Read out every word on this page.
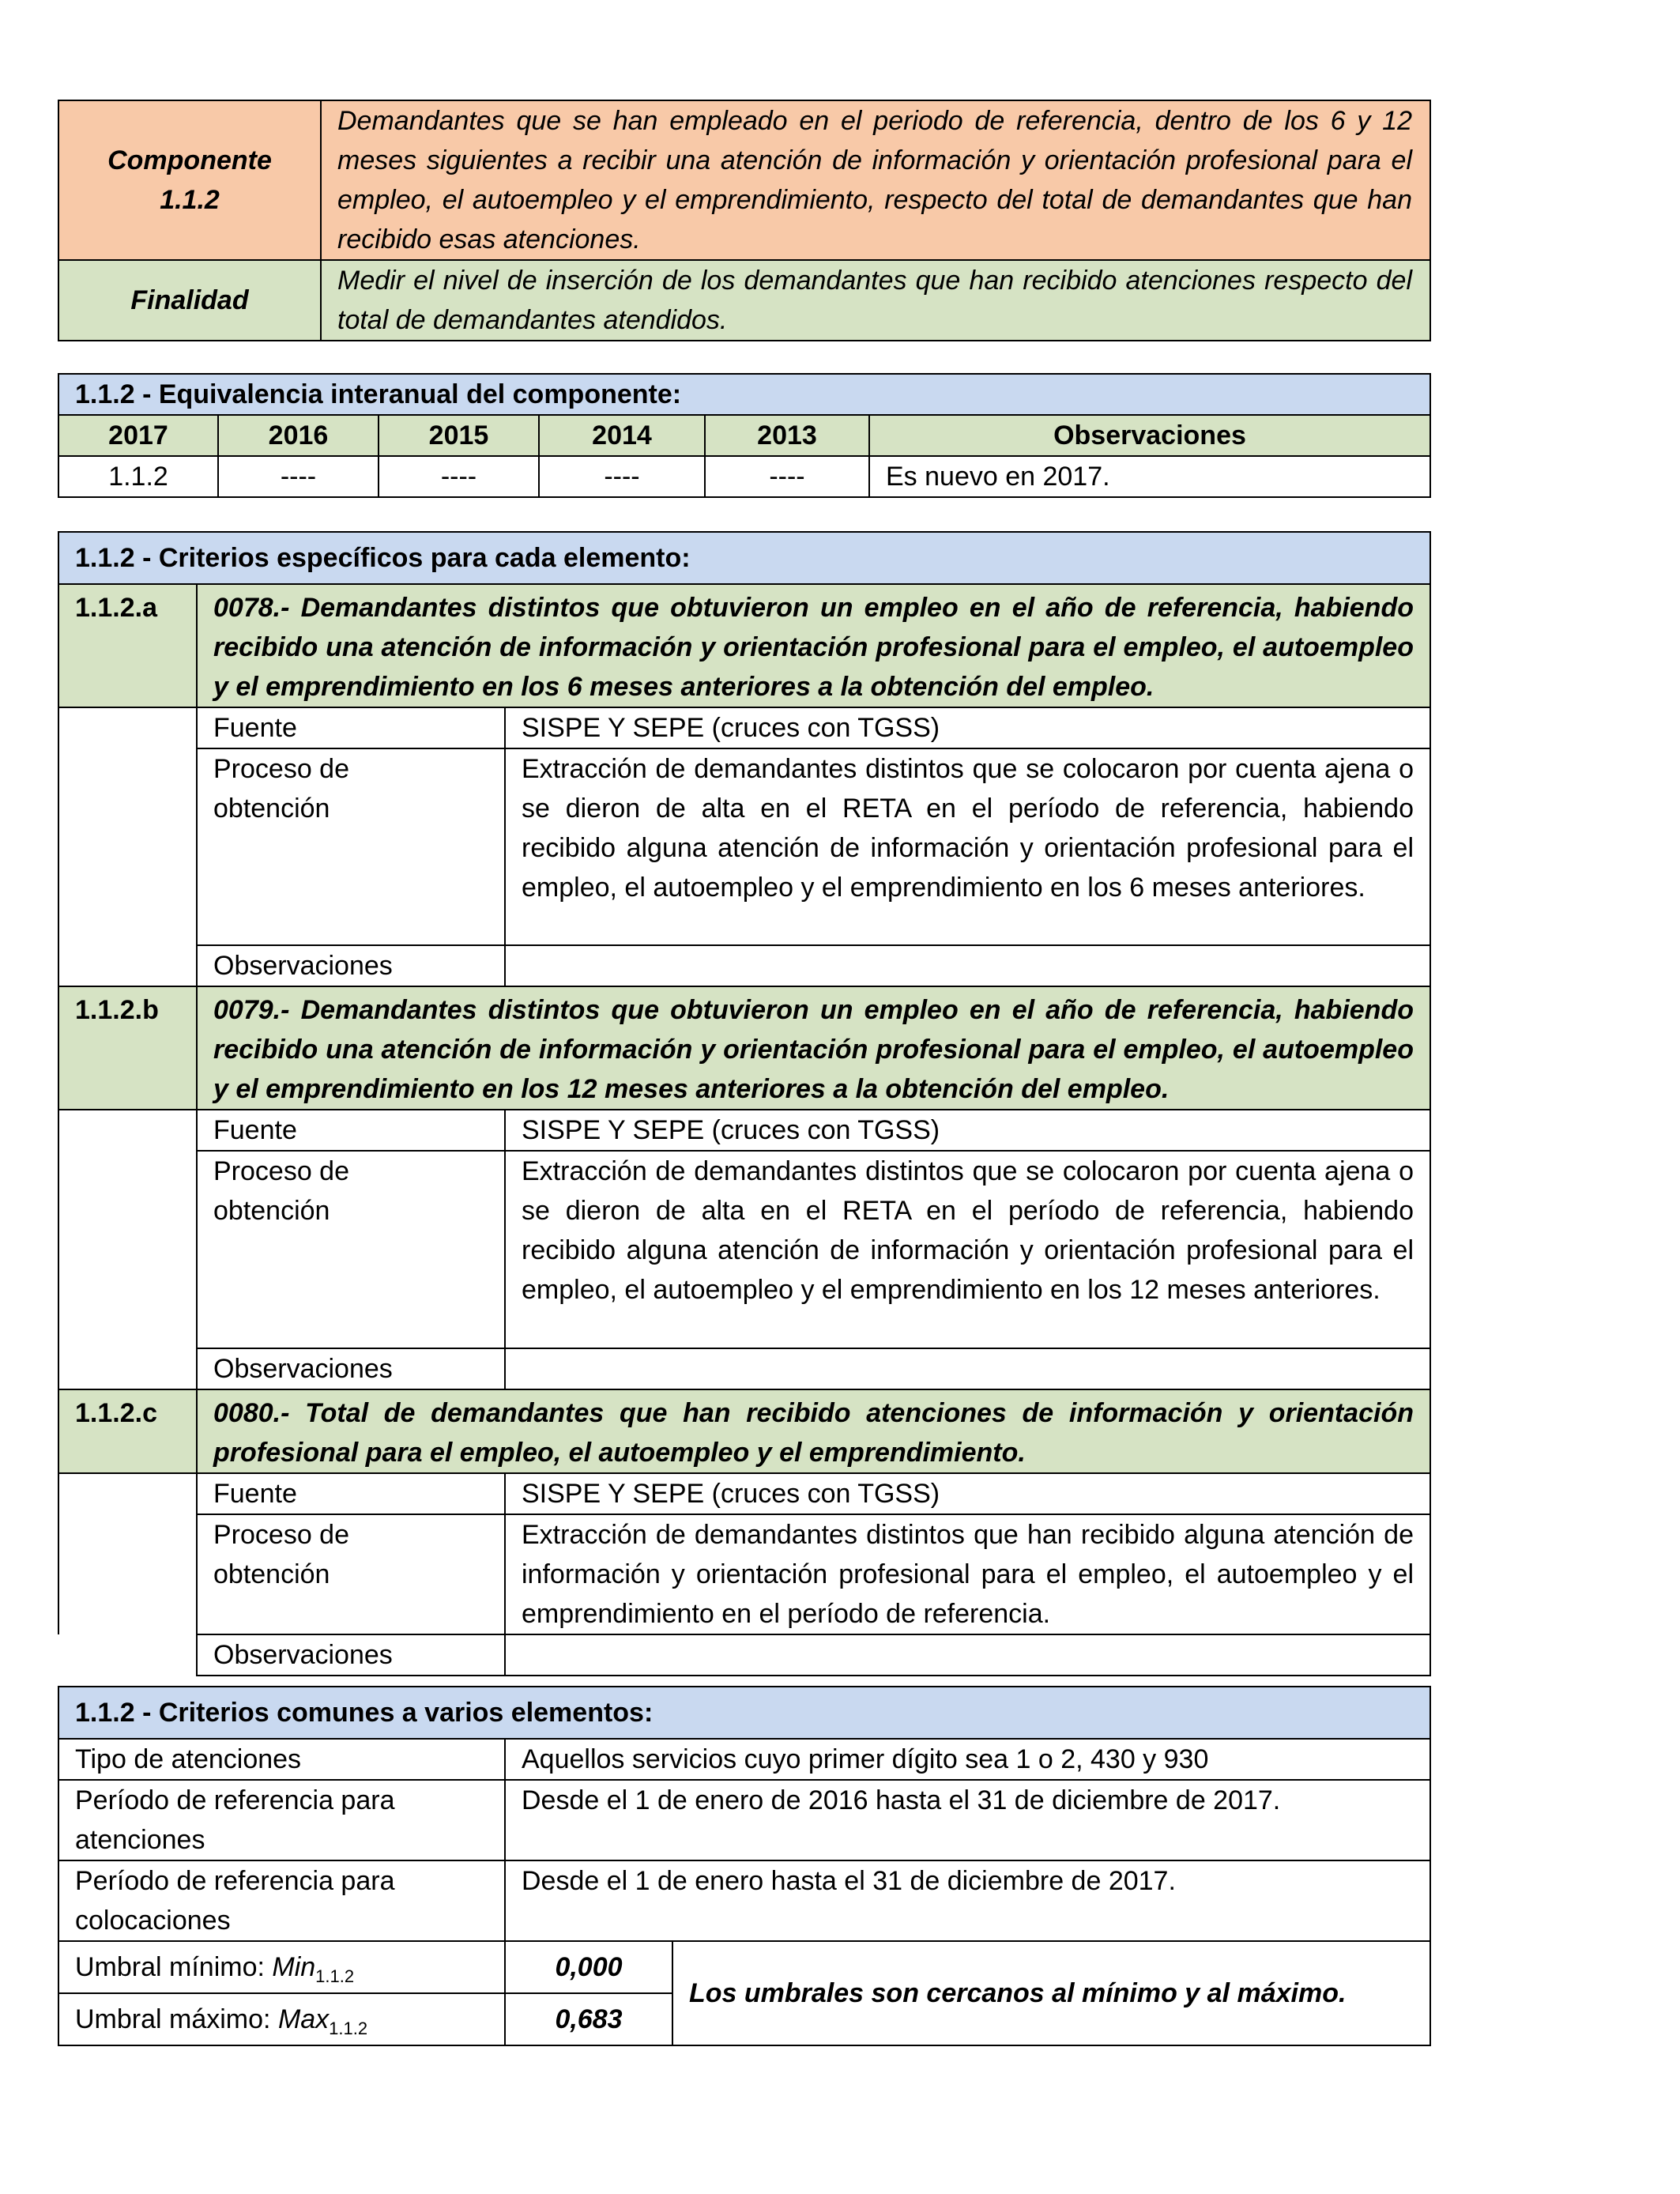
Componente
1.1.2	Demandantes que se han empleado en el periodo de referencia, dentro de los 6 y 12 meses siguientes a recibir una atención de información y orientación profesional para el empleo, el autoempleo y el emprendimiento, respecto del total de demandantes que han recibido esas atenciones.
Finalidad	Medir el nivel de inserción de los demandantes que han recibido atenciones respecto del total de demandantes atendidos.
1.1.2 - Equivalencia interanual del componente:					
2017	2016	2015	2014	2013	Observaciones
1.1.2	----	----	----	----	Es nuevo en 2017.
1.1.2 - Criterios específicos para cada elemento:		
1.1.2.a	0078.- Demandantes distintos que obtuvieron un empleo en el año de referencia, habiendo recibido una atención de información y orientación profesional para el empleo, el autoempleo y el emprendimiento en los 6 meses anteriores a la obtención del empleo.	
	Fuente	SISPE Y SEPE (cruces con TGSS)
	Proceso de
obtención	Extracción de demandantes distintos que se colocaron por cuenta ajena o se dieron de alta en el RETA en el período de referencia, habiendo recibido alguna atención de información y orientación profesional para el empleo, el autoempleo y el emprendimiento en los 6 meses anteriores.
	Observaciones	
1.1.2.b	0079.- Demandantes distintos que obtuvieron un empleo en el año de referencia, habiendo recibido una atención de información y orientación profesional para el empleo, el autoempleo y el emprendimiento en los 12 meses anteriores a la obtención del empleo.	
	Fuente	SISPE Y SEPE (cruces con TGSS)
	Proceso de
obtención	Extracción de demandantes distintos que se colocaron por cuenta ajena o se dieron de alta en el RETA en el período de referencia, habiendo recibido alguna atención de información y orientación profesional para el empleo, el autoempleo y el emprendimiento en los 12 meses anteriores.
	Observaciones	
1.1.2.c	0080.- Total de demandantes que han recibido atenciones de información y orientación profesional para el empleo, el autoempleo y el emprendimiento.	
	Fuente	SISPE Y SEPE (cruces con TGSS)
	Proceso de
obtención	Extracción de demandantes distintos que han recibido alguna atención de información y orientación profesional para el empleo, el autoempleo y el emprendimiento en el período de referencia.
	Observaciones	
1.1.2 - Criterios comunes a varios elementos:		
Tipo de atenciones	Aquellos servicios cuyo primer dígito sea 1 o 2, 430 y 930	
Período de referencia para
atenciones	Desde el 1 de enero de 2016 hasta el 31 de diciembre de 2017.	
Período de referencia para
colocaciones	Desde el 1 de enero hasta el 31 de diciembre de 2017.	
Umbral mínimo: Min$_{1.1.2}$	0,000	Los umbrales son cercanos al mínimo y al máximo.
Umbral máximo: Max$_{1.1.2}$	0,683	
